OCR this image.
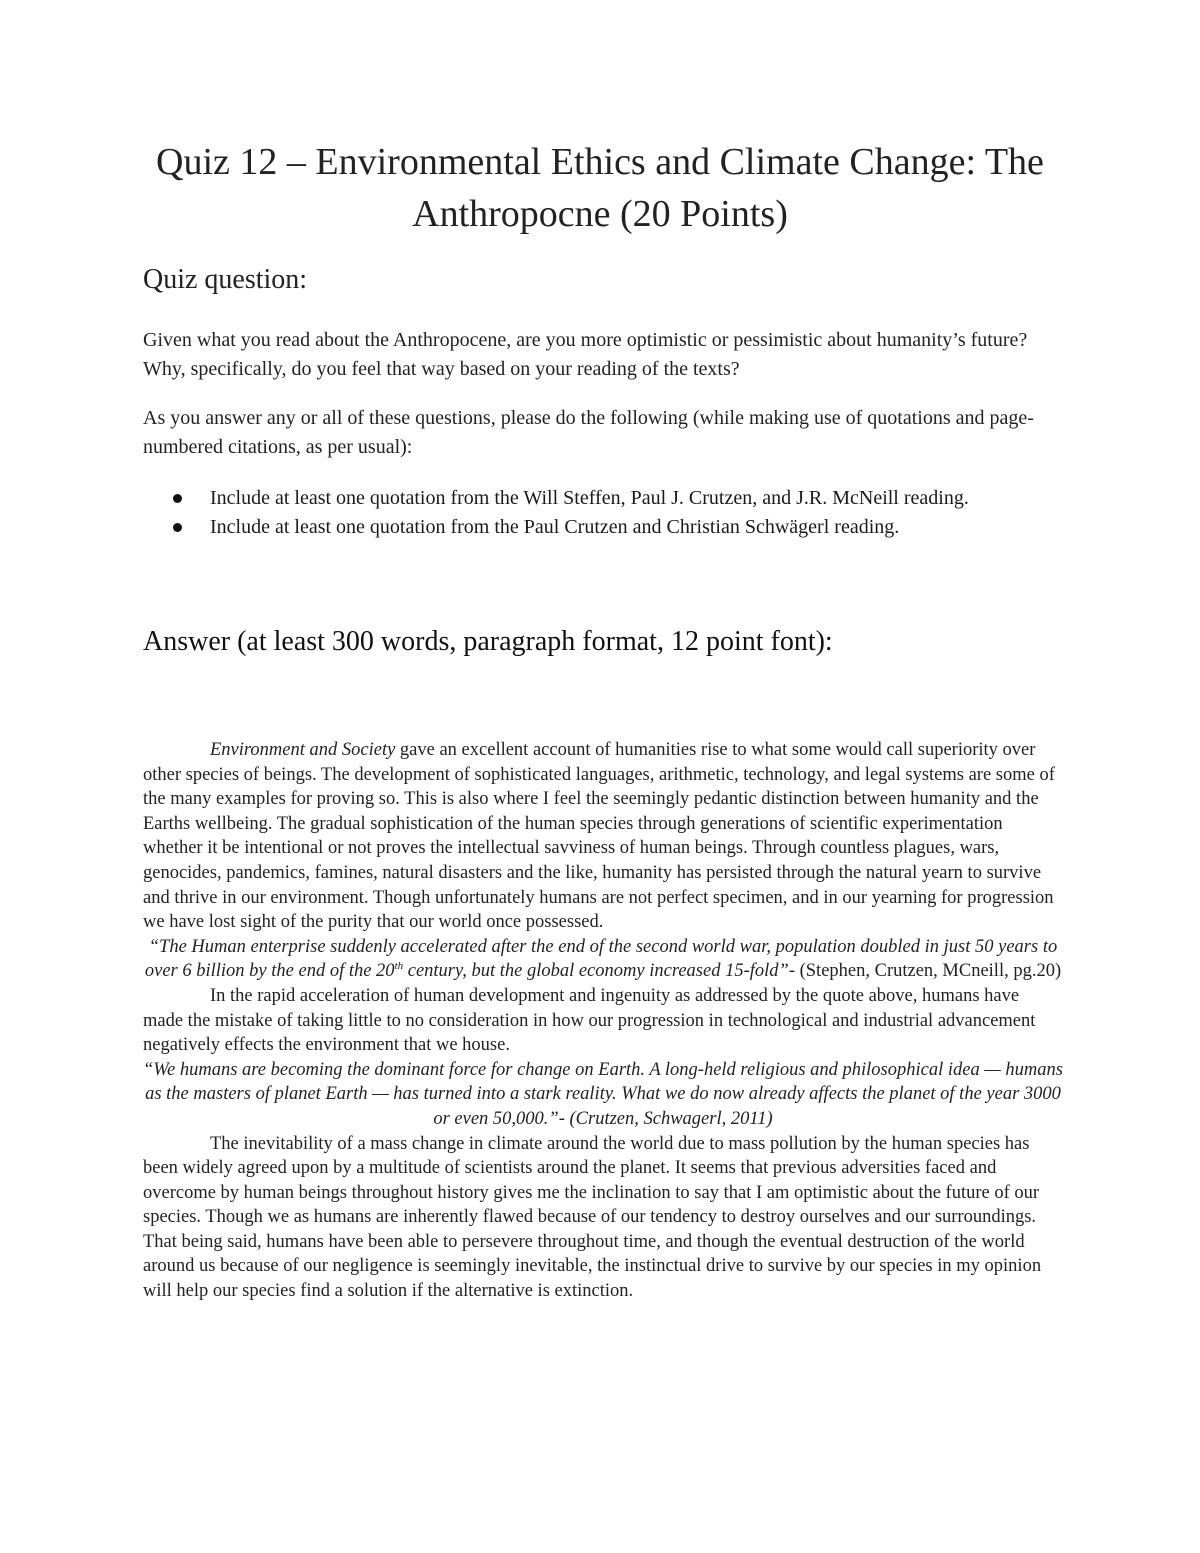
Quiz 12 – Environmental Ethics and Climate Change: The
Anthropocne (20 Points)
Quiz question:

Given what you read about the Anthropocene, are you more optimistic or pessimistic about humanity’s future? Why, specifically, do you feel that way based on your reading of the texts?

As you answer any or all of these questions, please do the following (while making use of quotations and page-numbered citations, as per usual):

Include at least one quotation from the Will Steffen, Paul J. Crutzen, and J.R. McNeill reading.
Include at least one quotation from the Paul Crutzen and Christian Schwägerl reading.
Answer (at least 300 words, paragraph format, 12 point font):

Environment and Society gave an excellent account of humanities rise to what some would call superiority over other species of beings. The development of sophisticated languages, arithmetic, technology, and legal systems are some of the many examples for proving so. This is also where I feel the seemingly pedantic distinction between humanity and the Earths wellbeing. The gradual sophistication of the human species through generations of scientific experimentation whether it be intentional or not proves the intellectual savviness of human beings. Through countless plagues, wars, genocides, pandemics, famines, natural disasters and the like, humanity has persisted through the natural yearn to survive and thrive in our environment. Though unfortunately humans are not perfect specimen, and in our yearning for progression we have lost sight of the purity that our world once possessed.

“The Human enterprise suddenly accelerated after the end of the second world war, population doubled in just 50 years to over 6 billion by the end of the 20th century, but the global economy increased 15-fold”- (Stephen, Crutzen, MCneill, pg.20)

In the rapid acceleration of human development and ingenuity as addressed by the quote above, humans have made the mistake of taking little to no consideration in how our progression in technological and industrial advancement negatively effects the environment that we house.

“We humans are becoming the dominant force for change on Earth. A long-held religious and philosophical idea — humans as the masters of planet Earth — has turned into a stark reality. What we do now already affects the planet of the year 3000 or even 50,000.”- (Crutzen, Schwagerl, 2011)

The inevitability of a mass change in climate around the world due to mass pollution by the human species has been widely agreed upon by a multitude of scientists around the planet. It seems that previous adversities faced and overcome by human beings throughout history gives me the inclination to say that I am optimistic about the future of our species. Though we as humans are inherently flawed because of our tendency to destroy ourselves and our surroundings. That being said, humans have been able to persevere throughout time, and though the eventual destruction of the world around us because of our negligence is seemingly inevitable, the instinctual drive to survive by our species in my opinion will help our species find a solution if the alternative is extinction.
